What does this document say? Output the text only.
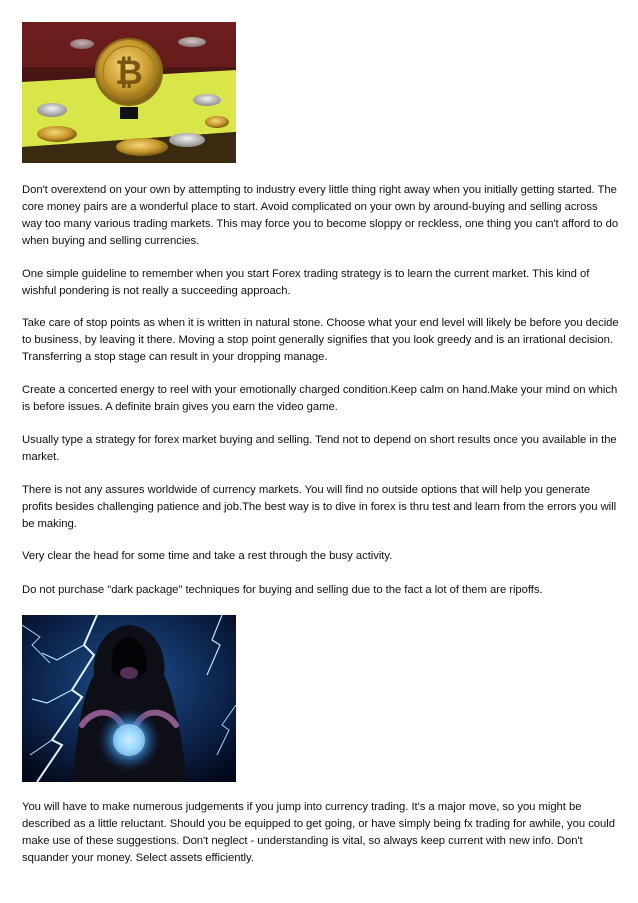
₿

Don't overextend on your own by attempting to industry every little thing right away when you initially getting started. The core money pairs are a wonderful place to start. Avoid complicated on your own by around-buying and selling across way too many various trading markets. This may force you to become sloppy or reckless, one thing you can't afford to do when buying and selling currencies.

One simple guideline to remember when you start Forex trading strategy is to learn the current market. This kind of wishful pondering is not really a succeeding approach.

Take care of stop points as when it is written in natural stone. Choose what your end level will likely be before you decide to business, by leaving it there. Moving a stop point generally signifies that you look greedy and is an irrational decision. Transferring a stop stage can result in your dropping manage.

Create a concerted energy to reel with your emotionally charged condition.Keep calm on hand.Make your mind on which is before issues. A definite brain gives you earn the video game.

Usually type a strategy for forex market buying and selling. Tend not to depend on short results once you available in the market.

There is not any assures worldwide of currency markets. You will find no outside options that will help you generate profits besides challenging patience and job.The best way is to dive in forex is thru test and learn from the errors you will be making.

Very clear the head for some time and take a rest through the busy activity.

Do not purchase "dark package" techniques for buying and selling due to the fact a lot of them are ripoffs.

You will have to make numerous judgements if you jump into currency trading. It's a major move, so you might be described as a little reluctant. Should you be equipped to get going, or have simply being fx trading for awhile, you could make use of these suggestions. Don't neglect - understanding is vital, so always keep current with new info. Don't squander your money. Select assets efficiently.
